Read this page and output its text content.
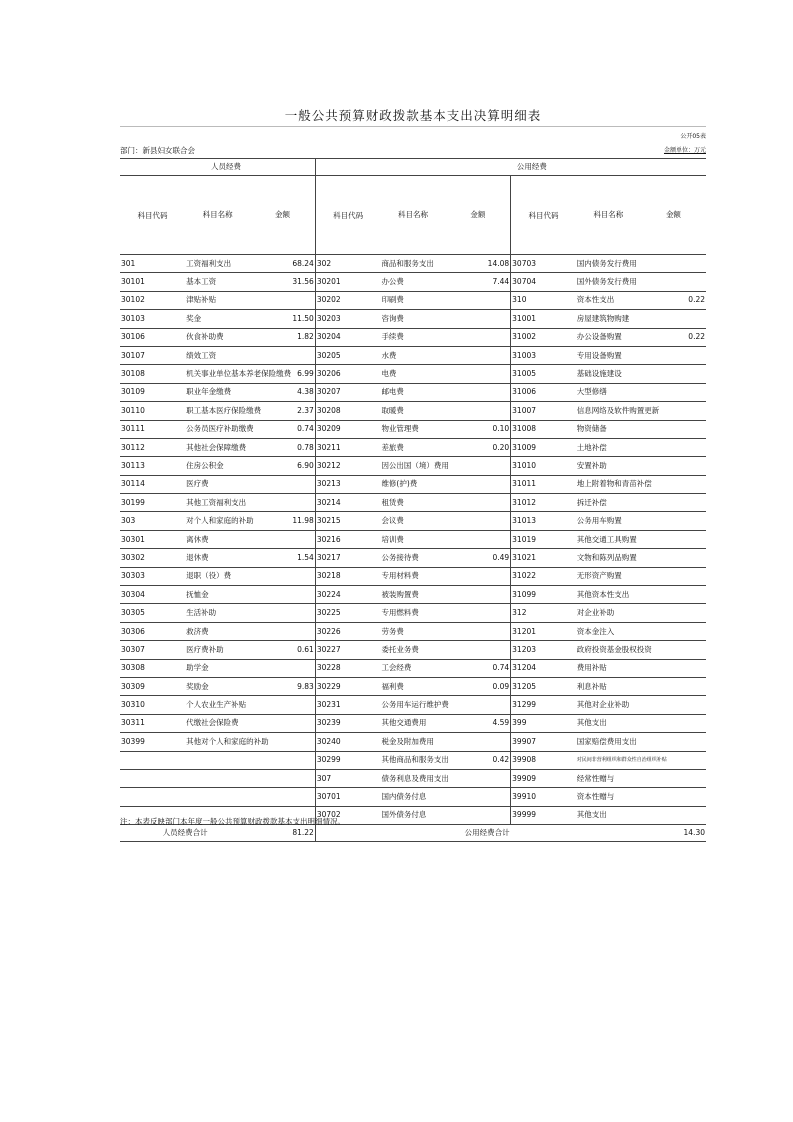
一般公共预算财政拨款基本支出决算明细表
公开05表
部门：新县妇女联合会	金额单位：万元
人员经费			公用经费					
科目代码	科目名称	金额	科目代码	科目名称	金额	科目代码	科目名称	金额
301	工资福利支出	68.24	302	商品和服务支出	14.08	30703	国内债务发行费用	
30101	基本工资	31.56	30201	办公费	7.44	30704	国外债务发行费用	
30102	津贴补贴		30202	印刷费		310	资本性支出	0.22
30103	奖金	11.50	30203	咨询费		31001	房屋建筑物购建	
30106	伙食补助费	1.82	30204	手续费		31002	办公设备购置	0.22
30107	绩效工资		30205	水费		31003	专用设备购置	
30108	机关事业单位基本养老保险缴费	6.99	30206	电费		31005	基础设施建设	
30109	职业年金缴费	4.38	30207	邮电费		31006	大型修缮	
30110	职工基本医疗保险缴费	2.37	30208	取暖费		31007	信息网络及软件购置更新	
30111	公务员医疗补助缴费	0.74	30209	物业管理费	0.10	31008	物资储备	
30112	其他社会保障缴费	0.78	30211	差旅费	0.20	31009	土地补偿	
30113	住房公积金	6.90	30212	因公出国（境）费用		31010	安置补助	
30114	医疗费		30213	维修(护)费		31011	地上附着物和青苗补偿	
30199	其他工资福利支出		30214	租赁费		31012	拆迁补偿	
303	对个人和家庭的补助	11.98	30215	会议费		31013	公务用车购置	
30301	离休费		30216	培训费		31019	其他交通工具购置	
30302	退休费	1.54	30217	公务接待费	0.49	31021	文物和陈列品购置	
30303	退职（役）费		30218	专用材料费		31022	无形资产购置	
30304	抚恤金		30224	被装购置费		31099	其他资本性支出	
30305	生活补助		30225	专用燃料费		312	对企业补助	
30306	救济费		30226	劳务费		31201	资本金注入	
30307	医疗费补助	0.61	30227	委托业务费		31203	政府投资基金股权投资	
30308	助学金		30228	工会经费	0.74	31204	费用补贴	
30309	奖励金	9.83	30229	福利费	0.09	31205	利息补贴	
30310	个人农业生产补贴		30231	公务用车运行维护费		31299	其他对企业补助	
30311	代缴社会保险费		30239	其他交通费用	4.59	399	其他支出	
30399	其他对个人和家庭的补助		30240	税金及附加费用		39907	国家赔偿费用支出	
			30299	其他商品和服务支出	0.42	39908	对民间非营利组织和群众性自治组织补贴	
			307	债务利息及费用支出		39909	经常性赠与	
			30701	国内债务付息		39910	资本性赠与	
			30702	国外债务付息		39999	其他支出	
人员经费合计		81.22	公用经费合计			14.30		
注：本表反映部门本年度一般公共预算财政拨款基本支出明细情况。
